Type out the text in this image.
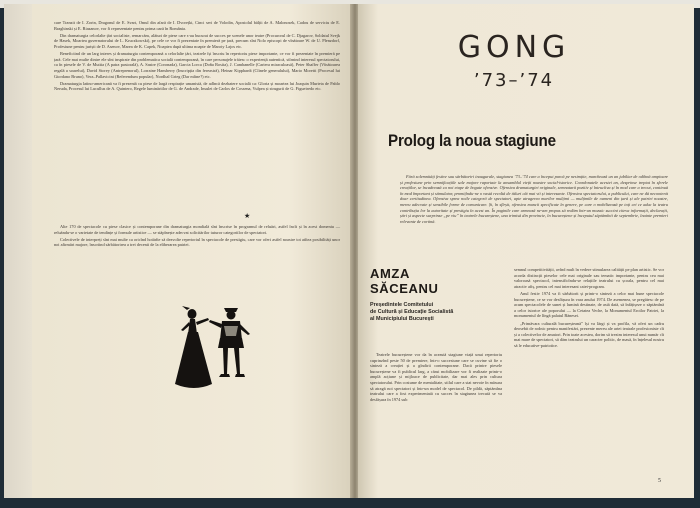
care Tranzit de I. Zorin, Dragonul de E. Svart, Omul din afară de I. Dvorețki, Cinci seri de Volodin, Apostolul bălții de A. Malonosek, Cadou de serviciu de E. Braghinski și E. Riazanov, vor fi reprezentate pentru prima oară în România.

Din dramaturgia celorlalte țări socialiste, remarcăm, alături de piese care s-au bucurat de succes pe scenele unor teatre (Procurorul de C. Djagarov, Soldatul Svejk de Hasek, Moartea guvernatorului de L. Kruczkowski), pe cele ce vor fi prezentate în premieră pe țară, precum sînt Nolo episcopi de vînătoare W. de U. Plenzdorf, Profesiune pentru juriști de D. Asenov, Marea de K. Capek, Noaptea după ultima noapte de Maroty Lajos etc.

Beneficiind de un larg interes și dramaturgia contemporană a celorlalte țări, teatrele își înscriu în repertoriu piese importante, ce vor fi prezentate în premieră pe țară. Cele mai multe dintre ele sînt inspirate din problematica socială contemporană, în care personajele trăiesc o experiență autentică, stîrnind interesul spectatorului, ca în piesele de V. de Muttia (A patra pastorală), A. Sastre (Coronada), Garcia Lorca (Doña Rosita), J. Cambanelle (Cariera miraculoasă), Peter Shaffer (Vînătoarea regală a soarelui), David Storey (Antreprenorul), Lorraine Hansberry (Inscripția din fereastră), Heinar Kipphardt (Cîinele generalului), Mario Moretti (Procesul lui Giordano Bruno), Vera–Pallavicini (Referendum popular), Nordhal Grieg (Dar mîine?) etc.

Dramaturgia latino-americană va fi prezentă cu piese de largă respirație umanistă, de adîncă dezbatere socială ca: Gloria și moartea lui Joaquin Murieta de Pablo Neruda, Procesul lui Lucullus de A. Quintero, Regele luminăriilor de G. de Andrade, Insulei de Carlos de Cossena, Vulpea și strugurii de G. Figueiredo etc.

★

Alte 170 de spectacole cu piese clasice și contemporane din dramaturgia mondială sînt înscrise în programul de reluări, astfel încît și în acest domeniu — reluăndu-se o varietate de tendințe și formule artistice — se stăpînește adecvat solicitărilor tuturor categoriilor de spectatori.

Colectivele de interpreți sînt mai multe ca oricînd hotărîte să dezvolte repertoriul în spectacole de prestigiu, care vor oferi astfel noastre tot atîtea posibilități unor noi afirmări majore, înscriind sărbătorirea a trei decenii de la eliberarea patriei.

GONG
’73–’74
Prolog la noua stagiune

Fără solemnități festive sau sărbătoriri inaugurale, stagiunea ’73–’74 care a început parcă pe nesimțite, marchează un an jubiliar de odihnă ampioare și profesiune prin semnificațiile sale majore raportate la ansamblul vieții noastre social-istorice. Coordonatele acestei an, desprinse treptat în sferele creațiilor, se încadrează ca noi etape de bogate ofensive. Ofensiva dramaturgiei originale, semnatară pozitiv și întrucîtva și în mod care a trecut, continuă în mod împortant și stimulator, promițîndu-ne o vastă recoltă de titluri cât mai vii și interesante. Ofensiva spectatorului, a publicului, care ne dă necontenit doar certitudinea. Ofensiva sprea noile categorii de spectatori, apte atragerea marilor mulțimi — mulțimile de oameni din țară și ale patriei noastre, mereu adecvate și sensibile forme de comunicare. Și, în sfîrșit, ofensiva muncii specificate în genere, pe care o mobilizează pe toți cei ce aduc la teatru contribuția lor la autoritate și prestigiu în acest an. În paginile care urmează ne-am propus să redăm într-un mozaic succint citeva informații, declarații, știri și aspecte surprinse „pe viu” în teatrele bucureștene, una trimisă din provincie, în bucureștene și începutul săptămînii de septembrie, înainte premieri relevante de cortină.

AMZA
SĂCEANU

Președintele Comitetului
de Cultură și Educație Socialistă
al Municipiului București

Teatrele bucureștene vor da în această stagiune viață unui repertoriu cuprinzînd peste 50 de premiere, într-o succesiune care se cuvine să fie o sinteză a creației și a gîndirii contemporane. Dacă printre piesele bucureștene va fi publicul larg, a cărui mobilizare vor fi realizate printr-o amplă acțiune și mijloace de publicitate, dar mai ales prin cultura spectatorului. Prin costume de mentalitate, stilul care a stat nevoie în măsura să atragă noi spectatori și într-un model de spectacol. De pildă, săptămîna teatrului care a fost experimentată cu succes în stagiunea trecută se va desfășura în 1974 sub

semnul competitivității, avînd mult în vedere stimularea calității pe plan artistic. Se vor acorda distincții pieselor cele mai originale sau tematic importante, pentru cea mai valoroasă spectacol, intensificîndu-se relațiile teatrului cu școala, pentru cel mai atractiv afiș, pentru cel mai interesant caiet-program.

Anul festiv 1974 va fi sărbătorit și printr-o sinteză a celor mai bune spectacole bucureștene, ce se vor desfășura în vara anului 1974. De asemenea, se pregătesc de pe acum spectacolele de sunet și lumină destinate, de astă dată, să înfățișeze o săptămînă a celor istorice ale poporului — la Cetatea Veche, la Monumentul Eroilor Patriei, la monumentul de lîngă palatul Bănesei.

„Primăvara culturală bucureșteană” își va lărgi și va profila, vă oferi un cadru deosebit de rodnic pentru manifestări, prezente mereu ale artei teatrale profesioniste cît și a colectivelor de amatori. Prin toate acestea, dorim să trezim interesul unui număr cît mai mare de spectatori, să dăm teatrului un caracter politic, de masă, în înțelesul nostru să le educative-patriotice.

5
